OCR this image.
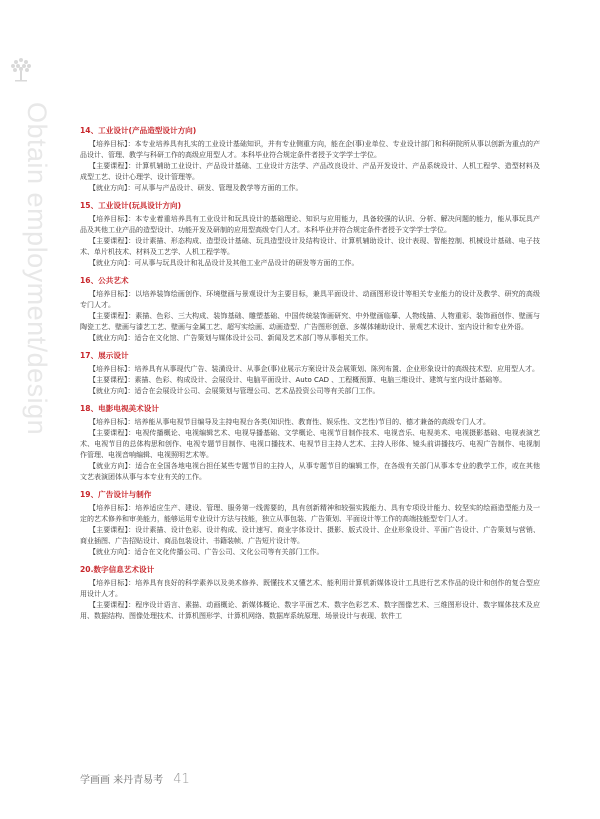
Obtain employment/design	14、工业设计(产品造型设计方向)

【培养目标】：本专业培养具有扎实的工业设计基础知识，并有专业侧重方向，能在企(事)业单位、专业设计部门和科研院所从事以创新为重点的产品设计、管理、教学与科研工作的高级应用型人才。本科毕业符合规定条件者授予文学学士学位。

【主要课程】：计算机辅助工业设计、产品设计基础、工业设计方法学、产品改良设计、产品开发设计、产品系统设计、人机工程学、造型材料及成型工艺、设计心理学、设计管理等。

【就业方向】：可从事与产品设计、研发、管理及教学等方面的工作。

15、工业设计(玩具设计方向)

【培养目标】：本专业着重培养具有工业设计和玩具设计的基础理论、知识与应用能力，具备较强的认识、分析、解决问题的能力，能从事玩具产品及其他工业产品的造型设计、功能开发及研制的应用型高级专门人才。本科毕业并符合规定条件者授予文学学士学位。

【主要课程】：设计素描、形态构成、造型设计基础、玩具造型设计及结构设计、计算机辅助设计、设计表现、智能控制、机械设计基础、电子技术、单片机技术、材料及工艺学、人机工程学等。

【就业方向】：可从事与玩具设计和礼品设计及其他工业产品设计的研发等方面的工作。

16、公共艺术

【培养目标】：以培养装饰绘画创作、环境壁画与景观设计为主要目标，兼具平面设计、动画图形设计等相关专业能力的设计及教学、研究的高级专门人才。

【主要课程】：素描、色彩、三大构成、装饰基础、雕塑基础、中国传统装饰画研究、中外壁画临摹、人物线描、人物重彩、装饰画创作、壁画与陶瓷工艺、壁画与漆艺工艺、壁画与金属工艺、超写实绘画、动画造型、广告图形创意、多媒体辅助设计、景观艺术设计、室内设计和专业外语。

【就业方向】：适合在文化馆、广告策划与媒体设计公司、新闻及艺术部门等从事相关工作。

17、展示设计

【培养目标】：培养具有从事现代广告、装潢设计、从事企(事)业展示方案设计及会展策划、陈列布置、企业形象设计的高级技术型、应用型人才。

【主要课程】：素描、色彩、构成设计、会展设计、电脑平面设计、Auto CAD 、工程概预算、电脑三维设计、建筑与室内设计基础等。

【就业方向】：适合在会展设计公司、会展策划与管理公司、艺术品投资公司等有关部门工作。

18、电影电视美术设计

【培养目标】：培养能从事电视节目编导及主持电视台各类(知识性、教育性、娱乐性、文艺性)节目的、德才兼备的高级专门人才。

【主要课程】：电视传播概论、电视编辑艺术、电视导播基础、文学概论、电视节目制作技术、电视音乐、电视美术、电视摄影基础、电视表演艺术、电视节目的总体构思和创作、电视专题节目制作、电视口播技术、电视节目主持人艺术、主持人形体、镜头前讲播技巧、电视广告制作、电视制作管理、电视音响编辑、电视照明艺术等。

【就业方向】：适合在全国各地电视台担任某些专题节目的主持人，从事专题节目的编辑工作，在各级有关部门从事本专业的教学工作，或在其他文艺表演团体从事与本专业有关的工作。

19、广告设计与制作

【培养目标】：培养适应生产、建设、管理、服务第一线需要的，具有创新精神和较强实践能力、具有专项设计能力、较坚实的绘画造型能力及一定的艺术修养和审美能力，能够运用专业设计方法与技能，独立从事包装、广告策划、平面设计等工作的高端技能型专门人才。

【主要课程】：设计素描、设计色彩、设计构成、设计速写、商业字体设计、摄影、版式设计、企业形象设计、平面广告设计、广告策划与营销、商业插图、广告招贴设计、商品包装设计、书籍装帧、广告短片设计等。

【就业方向】：适合在文化传播公司、广告公司、文化公司等有关部门工作。

20.数字信息艺术设计

【培养目标】：培养具有良好的科学素养以及美术修养、既懂技术又懂艺术、能利用计算机新媒体设计工具进行艺术作品的设计和创作的复合型应用设计人才。

【主要课程】：程序设计语言、素描、动画概论、新媒体概论、数字平面艺术、数字色彩艺术、数字图像艺术、三维图形设计、数字媒体技术及应用、数据结构、图像处理技术、计算机图形学、计算机网络、数据库系统原理、场景设计与表现、软件工

学画画 来丹青易考 41
